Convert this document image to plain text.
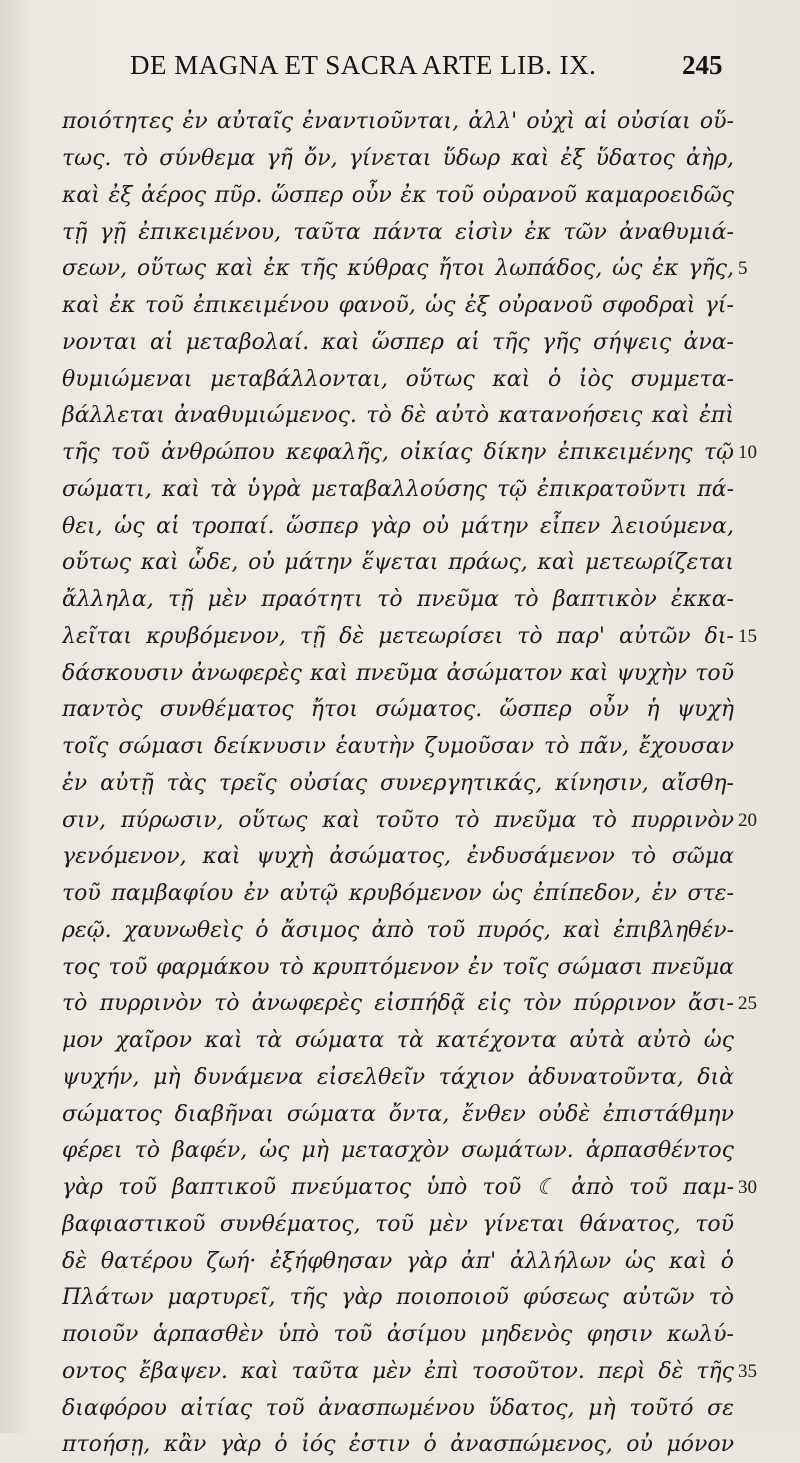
DE MAGNA ET SACRA ARTE LIB. IX.	245
ποιότητες ἐν αὐταῖς ἐναντιοῦνται, ἀλλ' οὐχὶ αἱ οὐσίαι οὕ-
τως. τὸ σύνθεμα γῆ ὄν, γίνεται ὕδωρ καὶ ἐξ ὕδατος ἀὴρ,
καὶ ἐξ ἀέρος πῦρ. ὥσπερ οὖν ἐκ τοῦ οὐρανοῦ καμαροειδῶς
τῇ γῇ ἐπικειμένου, ταῦτα πάντα εἰσὶν ἐκ τῶν ἀναθυμιά-
σεων, οὕτως καὶ ἐκ τῆς κύθρας ἤτοι λωπάδος, ὡς ἐκ γῆς,
καὶ ἐκ τοῦ ἐπικειμένου φανοῦ, ὡς ἐξ οὐρανοῦ σφοδραὶ γί-
νονται αἱ μεταβολαί. καὶ ὥσπερ αἱ τῆς γῆς σήψεις ἀνα-
θυμιώμεναι μεταβάλλονται, οὕτως καὶ ὁ ἰὸς συμμετα-
βάλλεται ἀναθυμιώμενος. τὸ δὲ αὐτὸ κατανοήσεις καὶ ἐπὶ
τῆς τοῦ ἀνθρώπου κεφαλῆς, οἰκίας δίκην ἐπικειμένης τῷ
σώματι, καὶ τὰ ὑγρὰ μεταβαλλούσης τῷ ἐπικρατοῦντι πά-
θει, ὡς αἱ τροπαί. ὥσπερ γὰρ οὐ μάτην εἶπεν λειούμενα,
οὕτως καὶ ὧδε, οὐ μάτην ἕψεται πράως, καὶ μετεωρίζεται
ἄλληλα, τῇ μὲν πραότητι τὸ πνεῦμα τὸ βαπτικὸν ἐκκα-
λεῖται κρυβόμενον, τῇ δὲ μετεωρίσει τὸ παρ' αὐτῶν δι-
δάσκουσιν ἀνωφερὲς καὶ πνεῦμα ἀσώματον καὶ ψυχὴν τοῦ
παντὸς συνθέματος ἤτοι σώματος. ὥσπερ οὖν ἡ ψυχὴ
τοῖς σώμασι δείκνυσιν ἑαυτὴν ζυμοῦσαν τὸ πᾶν, ἔχουσαν
ἐν αὐτῇ τὰς τρεῖς οὐσίας συνεργητικάς, κίνησιν, αἴσθη-
σιν, πύρωσιν, οὕτως καὶ τοῦτο τὸ πνεῦμα τὸ πυρρινὸν
γενόμενον, καὶ ψυχὴ ἀσώματος, ἐνδυσάμενον τὸ σῶμα
τοῦ παμβαφίου ἐν αὐτῷ κρυβόμενον ὡς ἐπίπεδον, ἐν στε-
ρεῷ. χαυνωθεὶς ὁ ἄσιμος ἀπὸ τοῦ πυρός, καὶ ἐπιβληθέν-
τος τοῦ φαρμάκου τὸ κρυπτόμενον ἐν τοῖς σώμασι πνεῦμα
τὸ πυρρινὸν τὸ ἀνωφερὲς εἰσπήδᾷ εἰς τὸν πύρρινον ἄσι-
μον χαῖρον καὶ τὰ σώματα τὰ κατέχοντα αὐτὰ αὐτὸ ὡς
ψυχήν, μὴ δυνάμενα εἰσελθεῖν τάχιον ἀδυνατοῦντα, διὰ
σώματος διαβῆναι σώματα ὄντα, ἔνθεν οὐδὲ ἐπιστάθμην
φέρει τὸ βαφέν, ὡς μὴ μετασχὸν σωμάτων. ἁρπασθέντος
γὰρ τοῦ βαπτικοῦ πνεύματος ὑπὸ τοῦ ☾ ἀπὸ τοῦ παμ-
βαφιαστικοῦ συνθέματος, τοῦ μὲν γίνεται θάνατος, τοῦ
δὲ θατέρου ζωή· ἐξήφθησαν γὰρ ἀπ' ἀλλήλων ὡς καὶ ὁ
Πλάτων μαρτυρεῖ, τῆς γὰρ ποιοποιοῦ φύσεως αὐτῶν τὸ
ποιοῦν ἁρπασθὲν ὑπὸ τοῦ ἀσίμου μηδενὸς φησιν κωλύ-
οντος ἔβαψεν. καὶ ταῦτα μὲν ἐπὶ τοσοῦτον. περὶ δὲ τῆς
διαφόρου αἰτίας τοῦ ἀνασπωμένου ὕδατος, μὴ τοῦτό σε
πτοήσῃ, κἂν γὰρ ὁ ἰός ἐστιν ὁ ἀνασπώμενος, οὐ μόνον
5
10
15
20
25
30
35
